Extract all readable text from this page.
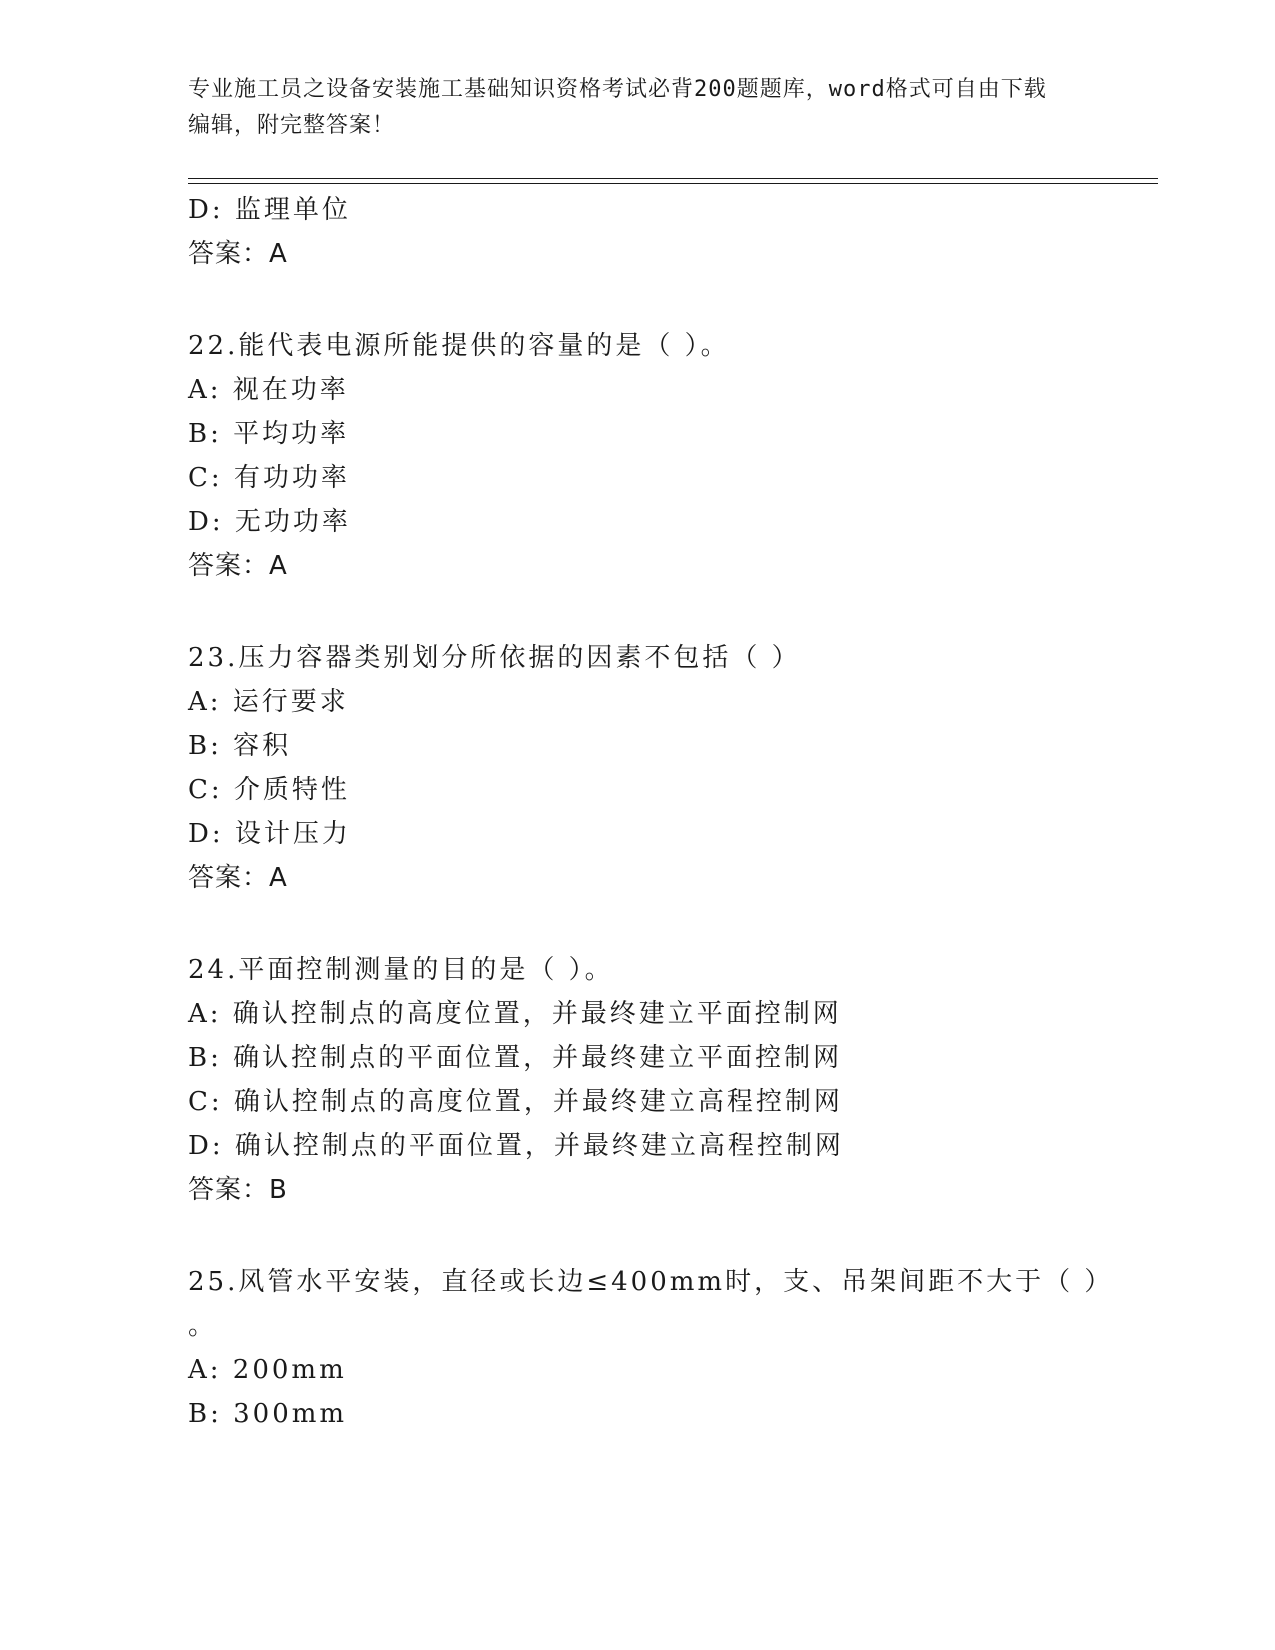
专业施工员之设备安装施工基础知识资格考试必背200题题库，word格式可自由下载编辑，附完整答案！
D: 监理单位
答案：A
22.能代表电源所能提供的容量的是（ ）。
A: 视在功率
B: 平均功率
C: 有功功率
D: 无功功率
答案：A
23.压力容器类别划分所依据的因素不包括（ ）
A: 运行要求
B: 容积
C: 介质特性
D: 设计压力
答案：A
24.平面控制测量的目的是（ ）。
A: 确认控制点的高度位置，并最终建立平面控制网
B: 确认控制点的平面位置，并最终建立平面控制网
C: 确认控制点的高度位置，并最终建立高程控制网
D: 确认控制点的平面位置，并最终建立高程控制网
答案：B
25.风管水平安装，直径或长边≤400mm时，支、吊架间距不大于（ ）
。
A: 200mm
B: 300mm
